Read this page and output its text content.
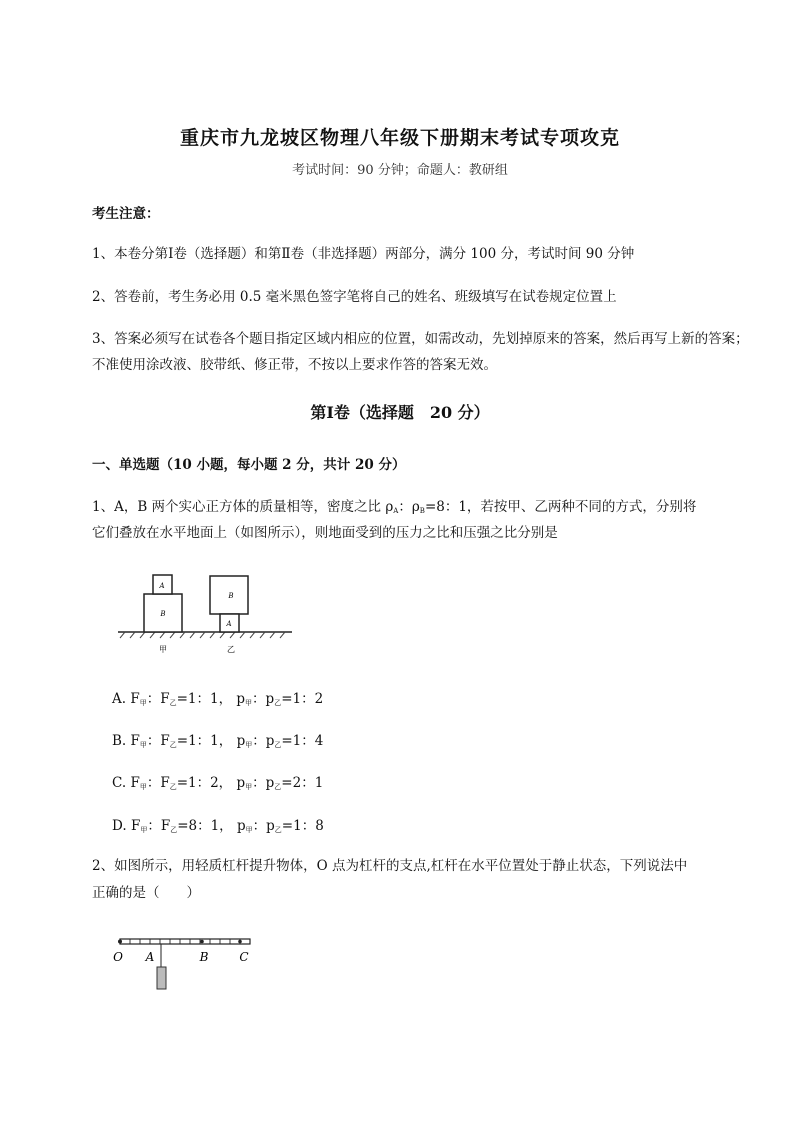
重庆市九龙坡区物理八年级下册期末考试专项攻克
考试时间：90 分钟；命题人：教研组
考生注意：
1、本卷分第Ⅰ卷（选择题）和第Ⅱ卷（非选择题）两部分，满分 100 分，考试时间 90 分钟
2、答卷前，考生务必用 0.5 毫米黑色签字笔将自己的姓名、班级填写在试卷规定位置上
3、答案必须写在试卷各个题目指定区域内相应的位置，如需改动，先划掉原来的答案，然后再写上新的答案；不准使用涂改液、胶带纸、修正带，不按以上要求作答的答案无效。
第Ⅰ卷（选择题　20 分）
一、单选题（10 小题，每小题 2 分，共计 20 分）
1、A，B 两个实心正方体的质量相等，密度之比 $\rho_A$：$\rho_B=8$：1，若按甲、乙两种不同的方式，分别将
它们叠放在水平地面上（如图所示），则地面受到的压力之比和压强之比分别是
B
A
甲
B
A
乙
A. $F_甲$：$F_乙=1$：1， $p_甲$：$p_乙=1$：2
B. $F_甲$：$F_乙=1$：1， $p_甲$：$p_乙=1$：4
C. $F_甲$：$F_乙=1$：2， $p_甲$：$p_乙=2$：1
D. $F_甲$：$F_乙=8$：1， $p_甲$：$p_乙=1$：8
2、如图所示，用轻质杠杆提升物体，O 点为杠杆的支点,杠杆在水平位置处于静止状态，下列说法中
正确的是（　　）
O A	B	C
